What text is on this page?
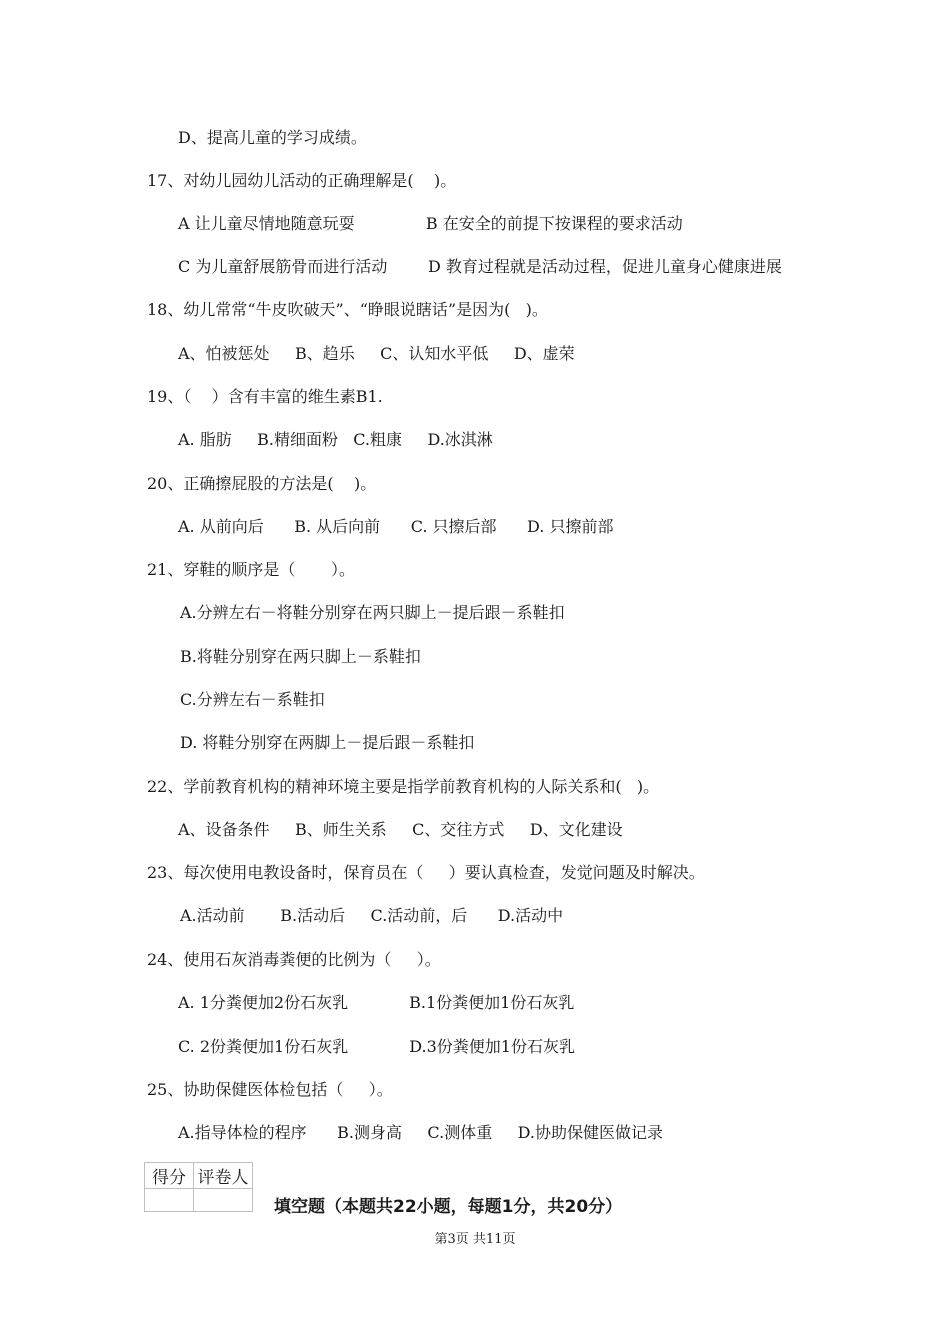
D、提高儿童的学习成绩。
17、对幼儿园幼儿活动的正确理解是(    )。
A 让儿童尽情地随意玩耍              B 在安全的前提下按课程的要求活动
C 为儿童舒展筋骨而进行活动        D 教育过程就是活动过程，促进儿童身心健康进展
18、幼儿常常“牛皮吹破天”、“睁眼说瞎话”是因为(   )。
A、怕被惩处     B、趋乐     C、认知水平低     D、虚荣
19、（    ）含有丰富的维生素B1.
A. 脂肪     B.精细面粉   C.粗康     D.冰淇淋
20、正确擦屁股的方法是(    )。
A. 从前向后      B. 从后向前      C. 只擦后部      D. 只擦前部
21、穿鞋的顺序是（       ）。
A.分辨左右－将鞋分别穿在两只脚上－提后跟－系鞋扣
B.将鞋分别穿在两只脚上－系鞋扣
C.分辨左右－系鞋扣
D. 将鞋分别穿在两脚上－提后跟－系鞋扣
22、学前教育机构的精神环境主要是指学前教育机构的人际关系和(   )。
A、设备条件     B、师生关系     C、交往方式     D、文化建设
23、每次使用电教设备时，保育员在（     ）要认真检查，发觉问题及时解决。
A.活动前       B.活动后     C.活动前，后      D.活动中
24、使用石灰消毒粪便的比例为（     ）。
A. 1分粪便加2份石灰乳            B.1份粪便加1份石灰乳
C. 2份粪便加1份石灰乳            D.3份粪便加1份石灰乳
25、协助保健医体检包括（     ）。
A.指导体检的程序      B.测身高     C.测体重     D.协助保健医做记录
得分	评卷人

填空题（本题共22小题，每题1分，共20分）
第3页 共11页
